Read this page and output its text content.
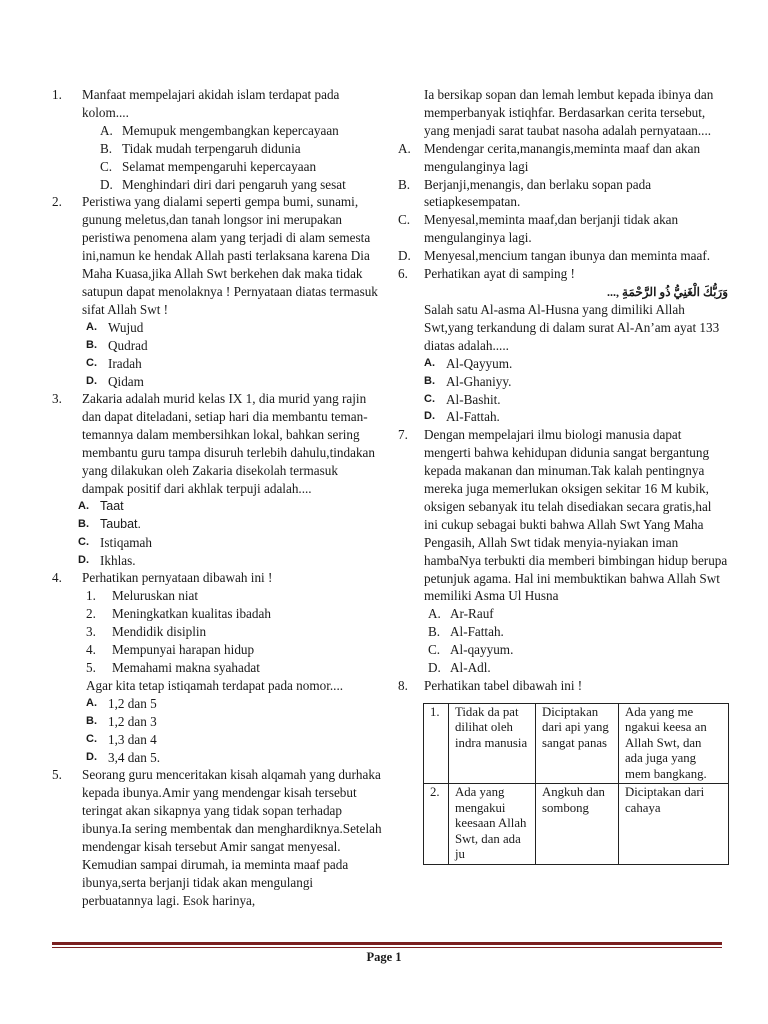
1. Manfaat mempelajari akidah islam terdapat pada kolom....
A. Memupuk mengembangkan kepercayaan
B. Tidak mudah terpengaruh didunia
C. Selamat mempengaruhi kepercayaan
D. Menghindari diri dari pengaruh yang sesat
2. Peristiwa yang dialami seperti gempa bumi, sunami, gunung meletus,dan tanah longsor ini merupakan peristiwa penomena alam yang terjadi di alam semesta ini,namun ke hendak Allah pasti terlaksana karena Dia Maha Kuasa,jika Allah Swt berkehen dak maka tidak satupun dapat menolaknya ! Pernyataan diatas termasuk sifat Allah Swt !
A. Wujud
B. Qudrad
C. Iradah
D. Qidam
3. Zakaria adalah murid kelas IX 1, dia murid yang rajin dan dapat diteladani, setiap hari dia membantu teman-temannya dalam membersihkan lokal, bahkan sering membantu guru tampa disuruh terlebih dahulu,tindakan yang dilakukan oleh Zakaria disekolah termasuk dampak positif dari akhlak terpuji adalah....
A. Taat
B. Taubat.
C. Istiqamah
D. Ikhlas.
4. Perhatikan pernyataan dibawah ini !
1. Meluruskan niat
2. Meningkatkan kualitas ibadah
3. Mendidik disiplin
4. Mempunyai harapan hidup
5. Memahami makna syahadat
Agar kita tetap istiqamah terdapat pada nomor....
A. 1,2 dan 5
B. 1,2 dan 3
C. 1,3 dan 4
D. 3,4 dan 5.
5. Seorang guru menceritakan kisah alqamah yang durhaka kepada ibunya.Amir yang mendengar kisah tersebut teringat akan sikapnya yang tidak sopan terhadap ibunya.Ia sering membentak dan menghardiknya.Setelah mendengar kisah tersebut Amir sangat menyesal. Kemudian sampai dirumah, ia meminta maaf pada ibunya,serta berjanji tidak akan mengulangi perbuatannya lagi. Esok harinya,
Ia bersikap sopan dan lemah lembut kepada ibinya dan memperbanyak istiqhfar. Berdasarkan cerita tersebut, yang menjadi sarat taubat nasoha adalah pernyataan....
A. Mendengar cerita,manangis,meminta maaf dan akan mengulanginya lagi
B. Berjanji,menangis, dan berlaku sopan pada setiapkesempatan.
C. Menyesal,meminta maaf,dan berjanji tidak akan mengulanginya lagi.
D. Menyesal,mencium tangan ibunya dan meminta maaf.
6. Perhatikan ayat di samping !
وَرَبُّكَ الْغَنِيُّ ذُو الرَّحْمَةِ ,...
Salah satu Al-asma Al-Husna yang dimiliki Allah Swt,yang terkandung di dalam surat Al-An’am ayat 133 diatas adalah.....
A. Al-Qayyum.
B. Al-Ghaniyy.
C. Al-Bashit.
D. Al-Fattah.
7. Dengan mempelajari ilmu biologi manusia dapat mengerti bahwa kehidupan didunia sangat bergantung kepada makanan dan minuman.Tak kalah pentingnya mereka juga memerlukan oksigen sekitar 16 M kubik, oksigen sebanyak itu telah disediakan secara gratis,hal ini cukup sebagai bukti bahwa Allah Swt Yang Maha Pengasih, Allah Swt tidak menyia-nyiakan iman hambaNya terbukti dia memberi bimbingan hidup berupa petunjuk agama. Hal ini membuktikan bahwa Allah Swt memiliki Asma Ul Husna
A. Ar-Rauf
B. Al-Fattah.
C. Al-qayyum.
D. Al-Adl.
8. Perhatikan tabel dibawah ini !
1.	Tidak da pat dilihat oleh indra manusia	Diciptakan dari api yang sangat panas	Ada yang me ngakui keesa an Allah Swt, dan ada juga yang mem bangkang.
2.	Ada yang mengakui keesaan Allah Swt, dan ada ju	Angkuh dan sombong	Diciptakan dari cahaya
Page 1
